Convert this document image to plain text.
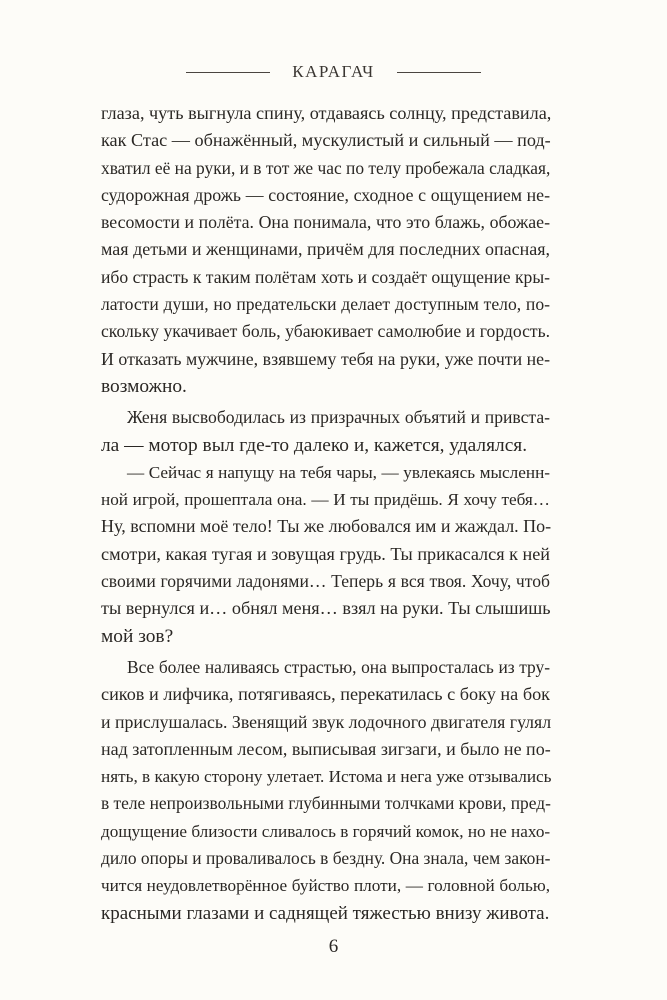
КАРАГАЧ
глаза, чуть выгнула спину, отдаваясь солнцу, представила,
как Стас — обнажённый, мускулистый и сильный — под-
хватил её на руки, и в тот же час по телу пробежала сладкая,
судорожная дрожь — состояние, сходное с ощущением не-
весомости и полёта. Она понимала, что это блажь, обожае-
мая детьми и женщинами, причём для последних опасная,
ибо страсть к таким полётам хоть и создаёт ощущение кры-
латости души, но предательски делает доступным тело, по-
скольку укачивает боль, убаюкивает самолюбие и гордость.
И отказать мужчине, взявшему тебя на руки, уже почти не-
возможно.
Женя высвободилась из призрачных объятий и привста-
ла — мотор выл где-то далеко и, кажется, удалялся.
— Сейчас я напущу на тебя чары, — увлекаясь мысленн-
ной игрой, прошептала она. — И ты придёшь. Я хочу тебя…
Ну, вспомни моё тело! Ты же любовался им и жаждал. По-
смотри, какая тугая и зовущая грудь. Ты прикасался к ней
своими горячими ладонями… Теперь я вся твоя. Хочу, чтоб
ты вернулся и… обнял меня… взял на руки. Ты слышишь
мой зов?
Все более наливаясь страстью, она выпросталась из тру-
сиков и лифчика, потягиваясь, перекатилась с боку на бок
и прислушалась. Звенящий звук лодочного двигателя гулял
над затопленным лесом, выписывая зигзаги, и было не по-
нять, в какую сторону улетает. Истома и нега уже отзывались
в теле непроизвольными глубинными толчками крови, пред-
дощущение близости сливалось в горячий комок, но не нахо-
дило опоры и проваливалось в бездну. Она знала, чем закон-
чится неудовлетворённое буйство плоти, — головной болью,
красными глазами и саднящей тяжестью внизу живота.
6
